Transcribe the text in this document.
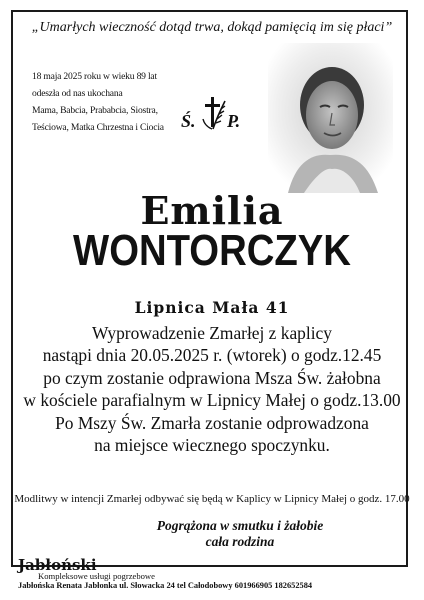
„Umarłych wieczność dotąd trwa, dokąd pamięcią im się płaci”
18 maja 2025 roku w wieku 89 lat
odeszła od nas ukochana
Mama, Babcia, Prababcia, Siostra,
Teściowa, Matka Chrzestna i Ciocia Ś. P.
Emilia
WONTORCZYK
Lipnica Mała 41
Wyprowadzenie Zmarłej z kaplicy
nastąpi dnia 20.05.2025 r. (wtorek) o godz.12.45
po czym zostanie odprawiona Msza Św. żałobna
w kościele parafialnym w Lipnicy Małej o godz.13.00
Po Mszy Św. Zmarła zostanie odprowadzona
na miejsce wiecznego spoczynku.
Modlitwy w intencji Zmarłej odbywać się będą w Kaplicy w Lipnicy Małej o godz. 17.00
Pogrążona w smutku i żałobie
cała rodzina
Jabłoński
Kompleksowe usługi pogrzebowe
Jabłońska Renata Jabłonka ul. Słowacka 24 tel Całodobowy 601966905 182652584
